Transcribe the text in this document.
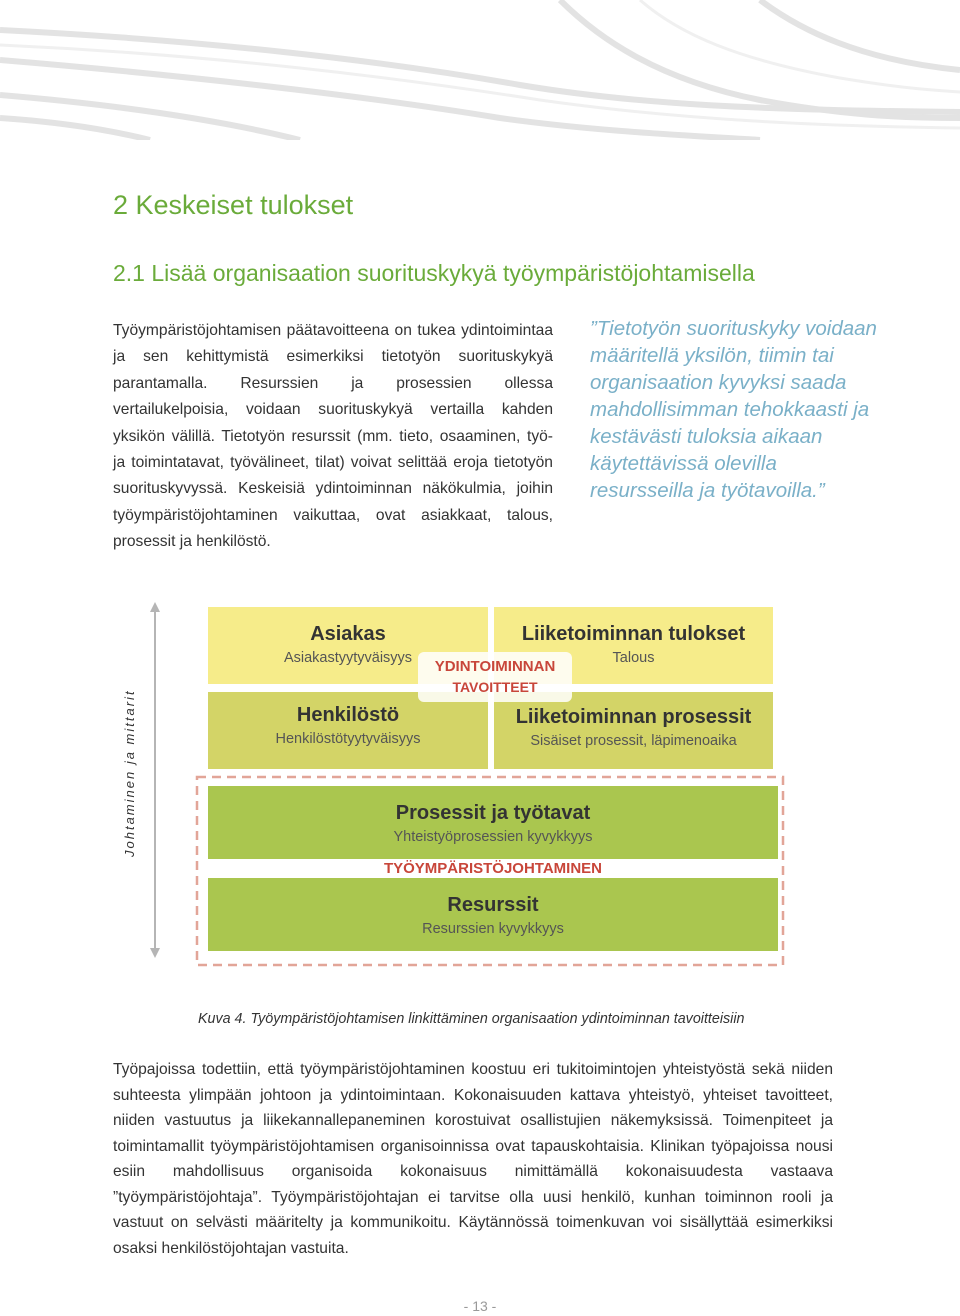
2 Keskeiset tulokset
2.1 Lisää organisaation suorituskykyä työympäristöjohtamisella

Työympäristöjohtamisen päätavoitteena on tukea ydintoimintaa ja sen kehittymistä esimerkiksi tietotyön suorituskykyä parantamalla. Resurssien ja prosessien ollessa vertailukelpoisia, voidaan suorituskykyä vertailla kahden yksikön välillä. Tietotyön resurssit (mm. tieto, osaaminen, työ- ja toimintatavat, työvälineet, tilat) voivat selittää eroja tietotyön suorituskyvyssä. Keskeisiä ydintoiminnan näkökulmia, joihin työympäristöjohtaminen vaikuttaa, ovat asiakkaat, talous, prosessit ja henkilöstö.

”Tietotyön suorituskyky voidaan määritellä yksilön, tiimin tai organisaation kyvyksi saada mahdollisimman tehokkaasti ja kestävästi tuloksia aikaan käytettävissä olevilla resursseilla ja työtavoilla.”
Johtaminen ja mittarit
Asiakas
Asiakastyytyväisyys
Liiketoiminnan tulokset
Talous
Henkilöstö
Henkilöstötyytyväisyys
Liiketoiminnan prosessit
Sisäiset prosessit, läpimenoaika
YDINTOIMINNAN
TAVOITTEET
Prosessit ja työtavat
Yhteistyöprosessien kyvykkyys
TYÖYMPÄRISTÖJOHTAMINEN
Resurssit
Resurssien kyvykkyys
Kuva 4. Työympäristöjohtamisen linkittäminen organisaation ydintoiminnan tavoitteisiin

Työpajoissa todettiin, että työympäristöjohtaminen koostuu eri tukitoimintojen yhteistyöstä sekä niiden suhteesta ylimpään johtoon ja ydintoimintaan. Kokonaisuuden kattava yhteistyö, yhteiset tavoitteet, niiden vastuutus ja liikekannallepaneminen korostuivat osallistujien näkemyksissä. Toimenpiteet ja toimintamallit työympäristöjohtamisen organisoinnissa ovat tapauskohtaisia. Klinikan työpajoissa nousi esiin mahdollisuus organisoida kokonaisuus nimittämällä kokonaisuudesta vastaava ”työympäristöjohtaja”. Työympäristöjohtajan ei tarvitse olla uusi henkilö, kunhan toiminnon rooli ja vastuut on selvästi määritelty ja kommunikoitu. Käytännössä toimenkuvan voi sisällyttää esimerkiksi osaksi henkilöstöjohtajan vastuita.

- 13 -
